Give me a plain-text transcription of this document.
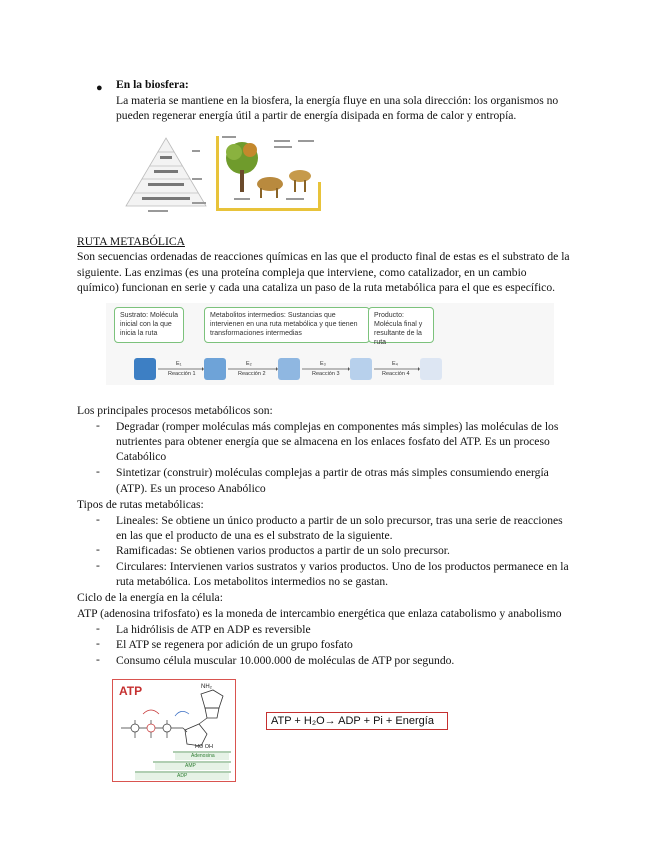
● En la biosfera:
La materia se mantiene en la biosfera, la energía fluye en una sola dirección: los organismos no
pueden regenerar energía útil a partir de energía disipada en forma de calor y entropía.
RUTA METABÓLICA
Son secuencias ordenadas de reacciones químicas en las que el producto final de estas es el substrato de la
siguiente. Las enzimas (es una proteína compleja que interviene, como catalizador, en un cambio
químico) funcionan en serie y cada una cataliza un paso de la ruta metabólica para el que es específico.
Sustrato: Molécula inicial con la que inicia la ruta
Metabolitos intermedios: Sustancias que intervienen en una ruta metabólica y que tienen transformaciones intermedias
Producto: Molécula final y resultante de la ruta
E₁	E₂	E₃	E₄
Reacción 1	Reacción 2	Reacción 3	Reacción 4
Los principales procesos metabólicos son:
- Degradar (romper moléculas más complejas en componentes más simples) las moléculas de los
nutrientes para obtener energía que se almacena en los enlaces fosfato del ATP. Es un proceso
Catabólico
- Sintetizar (construir) moléculas complejas a partir de otras más simples consumiendo energía
(ATP). Es un proceso Anabólico
Tipos de rutas metabólicas:
- Lineales: Se obtiene un único producto a partir de un solo precursor, tras una serie de reacciones
en las que el producto de una es el substrato de la siguiente.
- Ramificadas: Se obtienen varios productos a partir de un solo precursor.
- Circulares: Intervienen varios sustratos y varios productos. Uno de los productos permanece en la
ruta metabólica. Los metabolitos intermedios no se gastan.
Ciclo de la energía en la célula:
ATP (adenosina trifosfato) es la moneda de intercambio energética que enlaza catabolismo y anabolismo
- La hidrólisis de ATP en ADP es reversible
- El ATP se regenera por adición de un grupo fosfato
- Consumo célula muscular 10.000.000 de moléculas de ATP por segundo.
ATP	NH₂
HO OH
Adenosina
AMP
ADP
ATP + H₂O→ ADP + Pi + Energía
